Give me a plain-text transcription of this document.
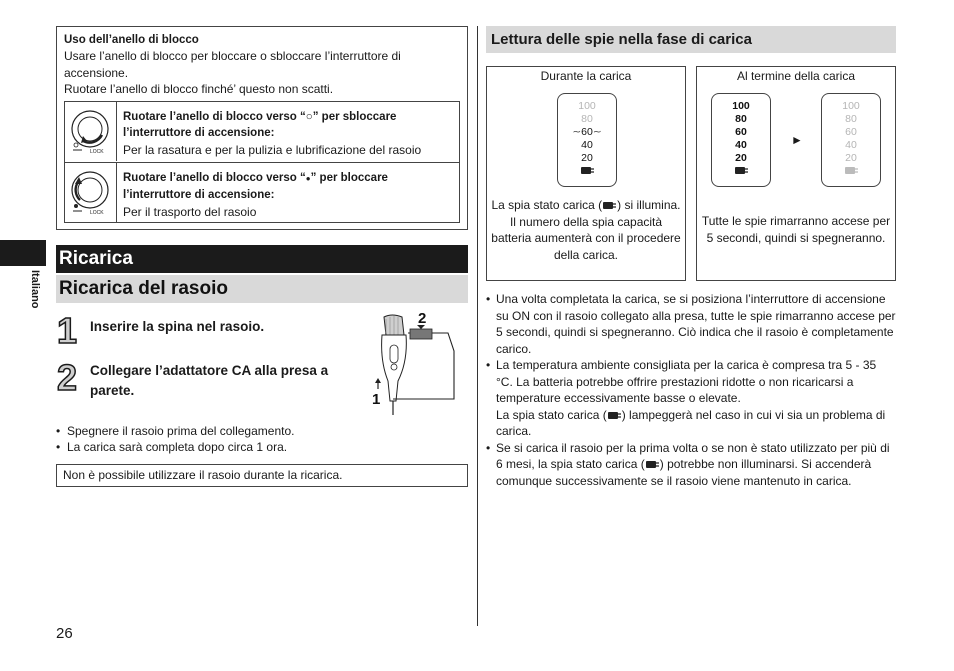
Italiano
Uso dell’anello di blocco
Usare l’anello di blocco per bloccare o sbloccare l’interruttore di accensione.
Ruotare l’anello di blocco finché’ questo non scatti.
LOCK
Ruotare l’anello di blocco verso “○” per sbloccare
l’interruttore di accensione:
Per la rasatura e per la pulizia e lubrificazione del rasoio
LOCK
Ruotare l’anello di blocco verso “●” per bloccare
l’interruttore di accensione:
Per il trasporto del rasoio
Ricarica
Ricarica del rasoio
1 Inserire la spina nel rasoio.
2 Collegare l’adattatore CA alla presa a parete.
2
1
• Spegnere il rasoio prima del collegamento.
• La carica sarà completa dopo circa 1 ora.
Non è possibile utilizzare il rasoio durante la ricarica.
Lettura delle spie nella fase di carica
Durante la carica
100
80
∼60∼
40
20
La spia stato carica ( ) si illumina.
Il numero della spia capacità batteria aumenterà con il procedere della carica.
Al termine della carica
100
80
60
40
20
►
100
80
60
40
20
Tutte le spie rimarranno accese per 5 secondi, quindi si spegneranno.
• Una volta completata la carica, se si posiziona l’interruttore di accensione su ON con il rasoio collegato alla presa, tutte le spie rimarranno accese per 5 secondi, quindi si spegneranno. Ciò indica che il rasoio è completamente carico.
• La temperatura ambiente consigliata per la carica è compresa tra 5 - 35 °C. La batteria potrebbe offrire prestazioni ridotte o non ricaricarsi a temperature eccessivamente basse o elevate.
La spia stato carica ( ) lampeggerà nel caso in cui vi sia un problema di carica.
• Se si carica il rasoio per la prima volta o se non è stato utilizzato per più di 6 mesi, la spia stato carica ( ) potrebbe non illuminarsi. Si accenderà comunque successivamente se il rasoio viene mantenuto in carica.
26
